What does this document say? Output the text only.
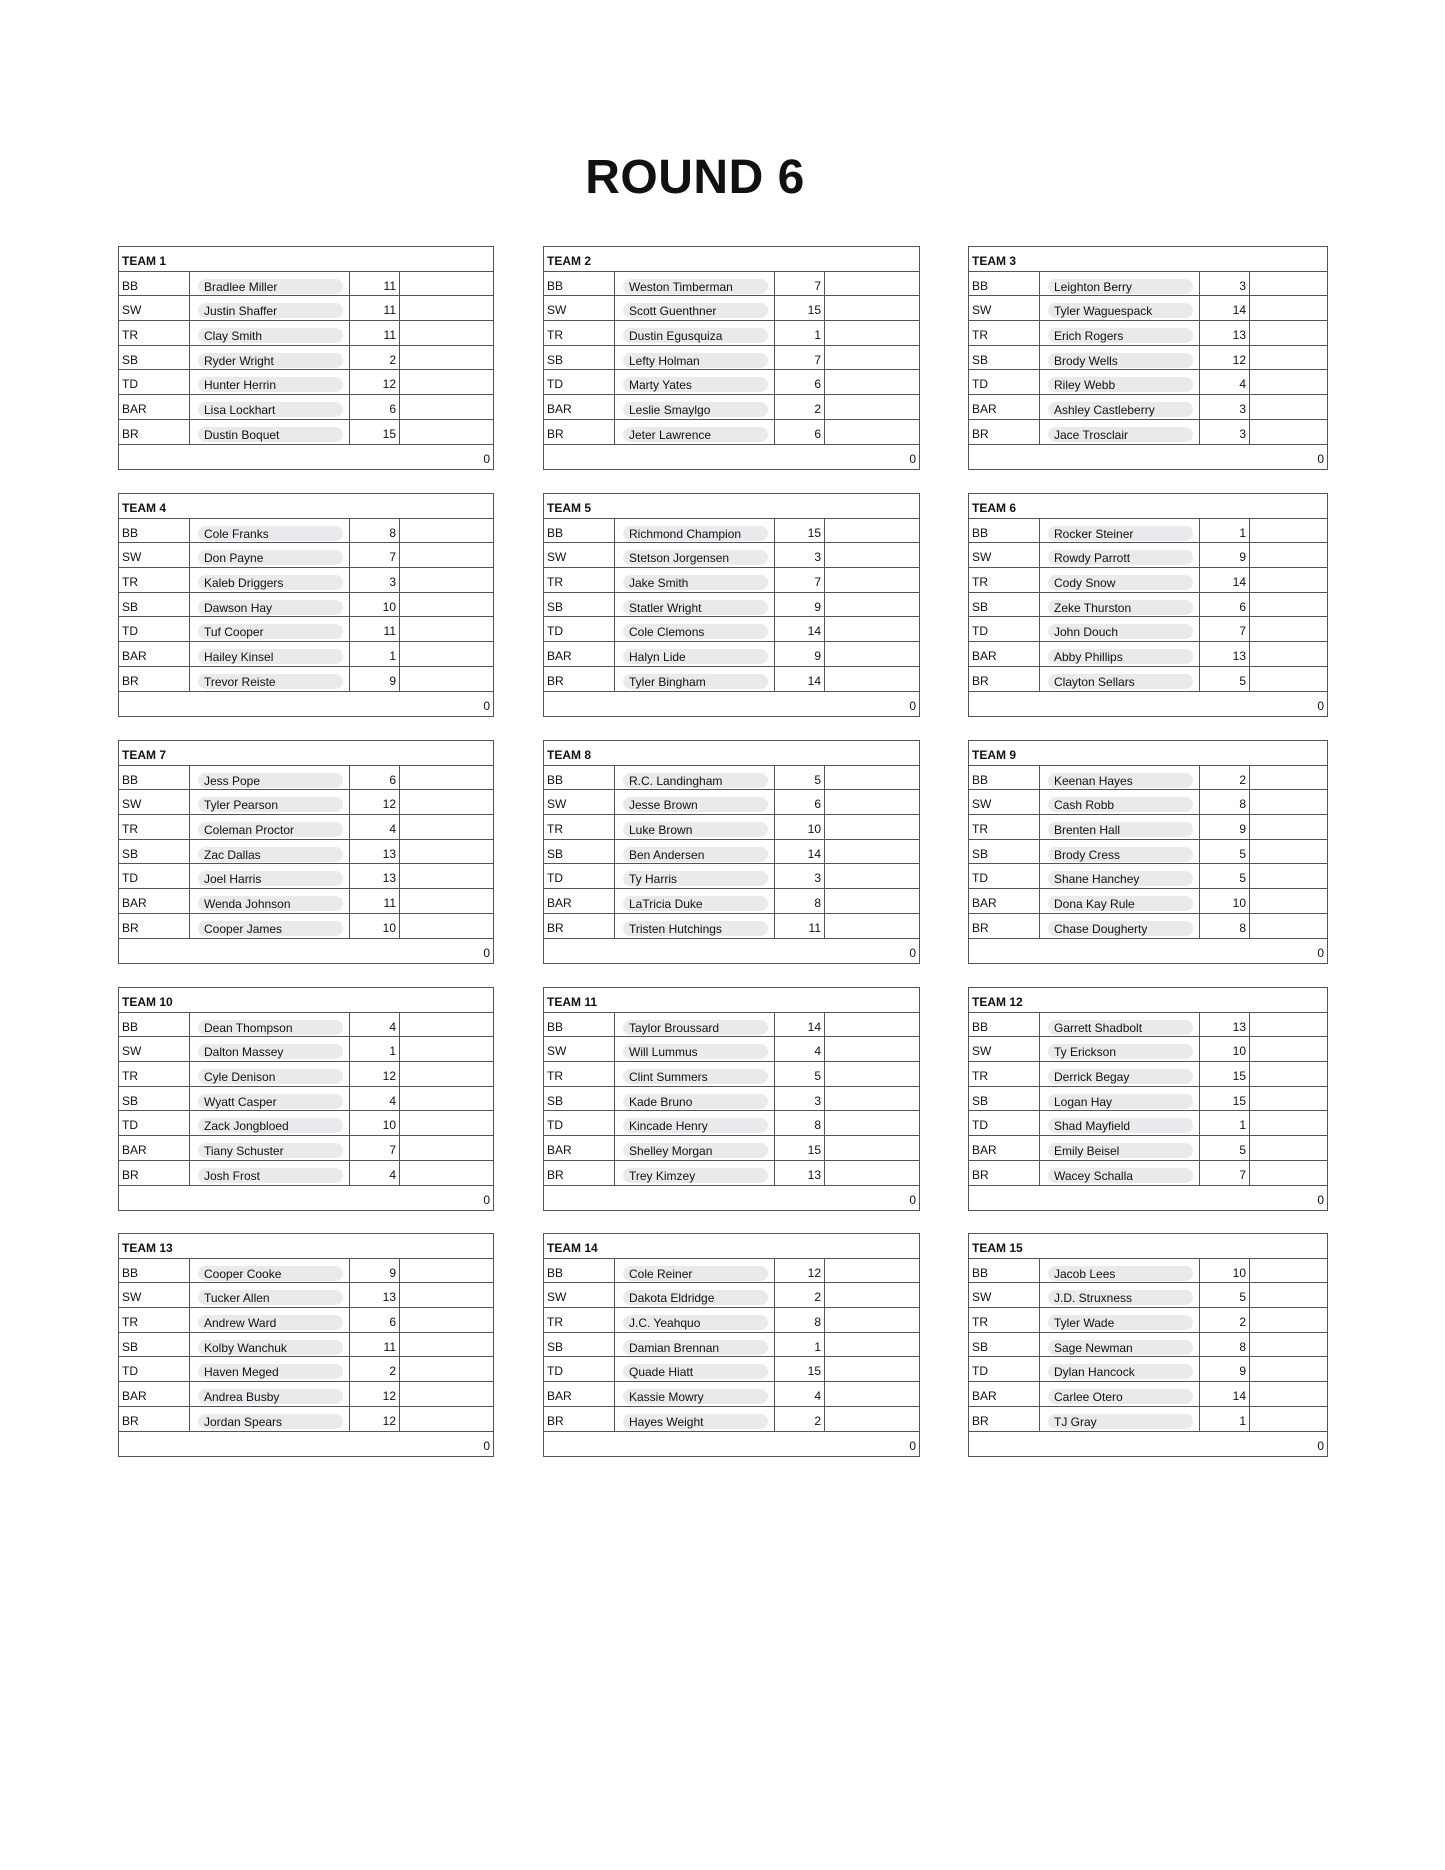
ROUND 6
TEAM 1
BB	Bradlee Miller	11
SW	Justin Shaffer	11
TR	Clay Smith	11
SB	Ryder Wright	2
TD	Hunter Herrin	12
BAR	Lisa Lockhart	6
BR	Dustin Boquet	15
0
TEAM 2
BB	Weston Timberman	7
SW	Scott Guenthner	15
TR	Dustin Egusquiza	1
SB	Lefty Holman	7
TD	Marty Yates	6
BAR	Leslie Smaylgo	2
BR	Jeter Lawrence	6
0
TEAM 3
BB	Leighton Berry	3
SW	Tyler Waguespack	14
TR	Erich Rogers	13
SB	Brody Wells	12
TD	Riley Webb	4
BAR	Ashley Castleberry	3
BR	Jace Trosclair	3
0
TEAM 4
BB	Cole Franks	8
SW	Don Payne	7
TR	Kaleb Driggers	3
SB	Dawson Hay	10
TD	Tuf Cooper	11
BAR	Hailey Kinsel	1
BR	Trevor Reiste	9
0
TEAM 5
BB	Richmond Champion	15
SW	Stetson Jorgensen	3
TR	Jake Smith	7
SB	Statler Wright	9
TD	Cole Clemons	14
BAR	Halyn Lide	9
BR	Tyler Bingham	14
0
TEAM 6
BB	Rocker Steiner	1
SW	Rowdy Parrott	9
TR	Cody Snow	14
SB	Zeke Thurston	6
TD	John Douch	7
BAR	Abby Phillips	13
BR	Clayton Sellars	5
0
TEAM 7
BB	Jess Pope	6
SW	Tyler Pearson	12
TR	Coleman Proctor	4
SB	Zac Dallas	13
TD	Joel Harris	13
BAR	Wenda Johnson	11
BR	Cooper James	10
0
TEAM 8
BB	R.C. Landingham	5
SW	Jesse Brown	6
TR	Luke Brown	10
SB	Ben Andersen	14
TD	Ty Harris	3
BAR	LaTricia Duke	8
BR	Tristen Hutchings	11
0
TEAM 9
BB	Keenan Hayes	2
SW	Cash Robb	8
TR	Brenten Hall	9
SB	Brody Cress	5
TD	Shane Hanchey	5
BAR	Dona Kay Rule	10
BR	Chase Dougherty	8
0
TEAM 10
BB	Dean Thompson	4
SW	Dalton Massey	1
TR	Cyle Denison	12
SB	Wyatt Casper	4
TD	Zack Jongbloed	10
BAR	Tiany Schuster	7
BR	Josh Frost	4
0
TEAM 11
BB	Taylor Broussard	14
SW	Will Lummus	4
TR	Clint Summers	5
SB	Kade Bruno	3
TD	Kincade Henry	8
BAR	Shelley Morgan	15
BR	Trey Kimzey	13
0
TEAM 12
BB	Garrett Shadbolt	13
SW	Ty Erickson	10
TR	Derrick Begay	15
SB	Logan Hay	15
TD	Shad Mayfield	1
BAR	Emily Beisel	5
BR	Wacey Schalla	7
0
TEAM 13
BB	Cooper Cooke	9
SW	Tucker Allen	13
TR	Andrew Ward	6
SB	Kolby Wanchuk	11
TD	Haven Meged	2
BAR	Andrea Busby	12
BR	Jordan Spears	12
0
TEAM 14
BB	Cole Reiner	12
SW	Dakota Eldridge	2
TR	J.C. Yeahquo	8
SB	Damian Brennan	1
TD	Quade Hiatt	15
BAR	Kassie Mowry	4
BR	Hayes Weight	2
0
TEAM 15
BB	Jacob Lees	10
SW	J.D. Struxness	5
TR	Tyler Wade	2
SB	Sage Newman	8
TD	Dylan Hancock	9
BAR	Carlee Otero	14
BR	TJ Gray	1
0
